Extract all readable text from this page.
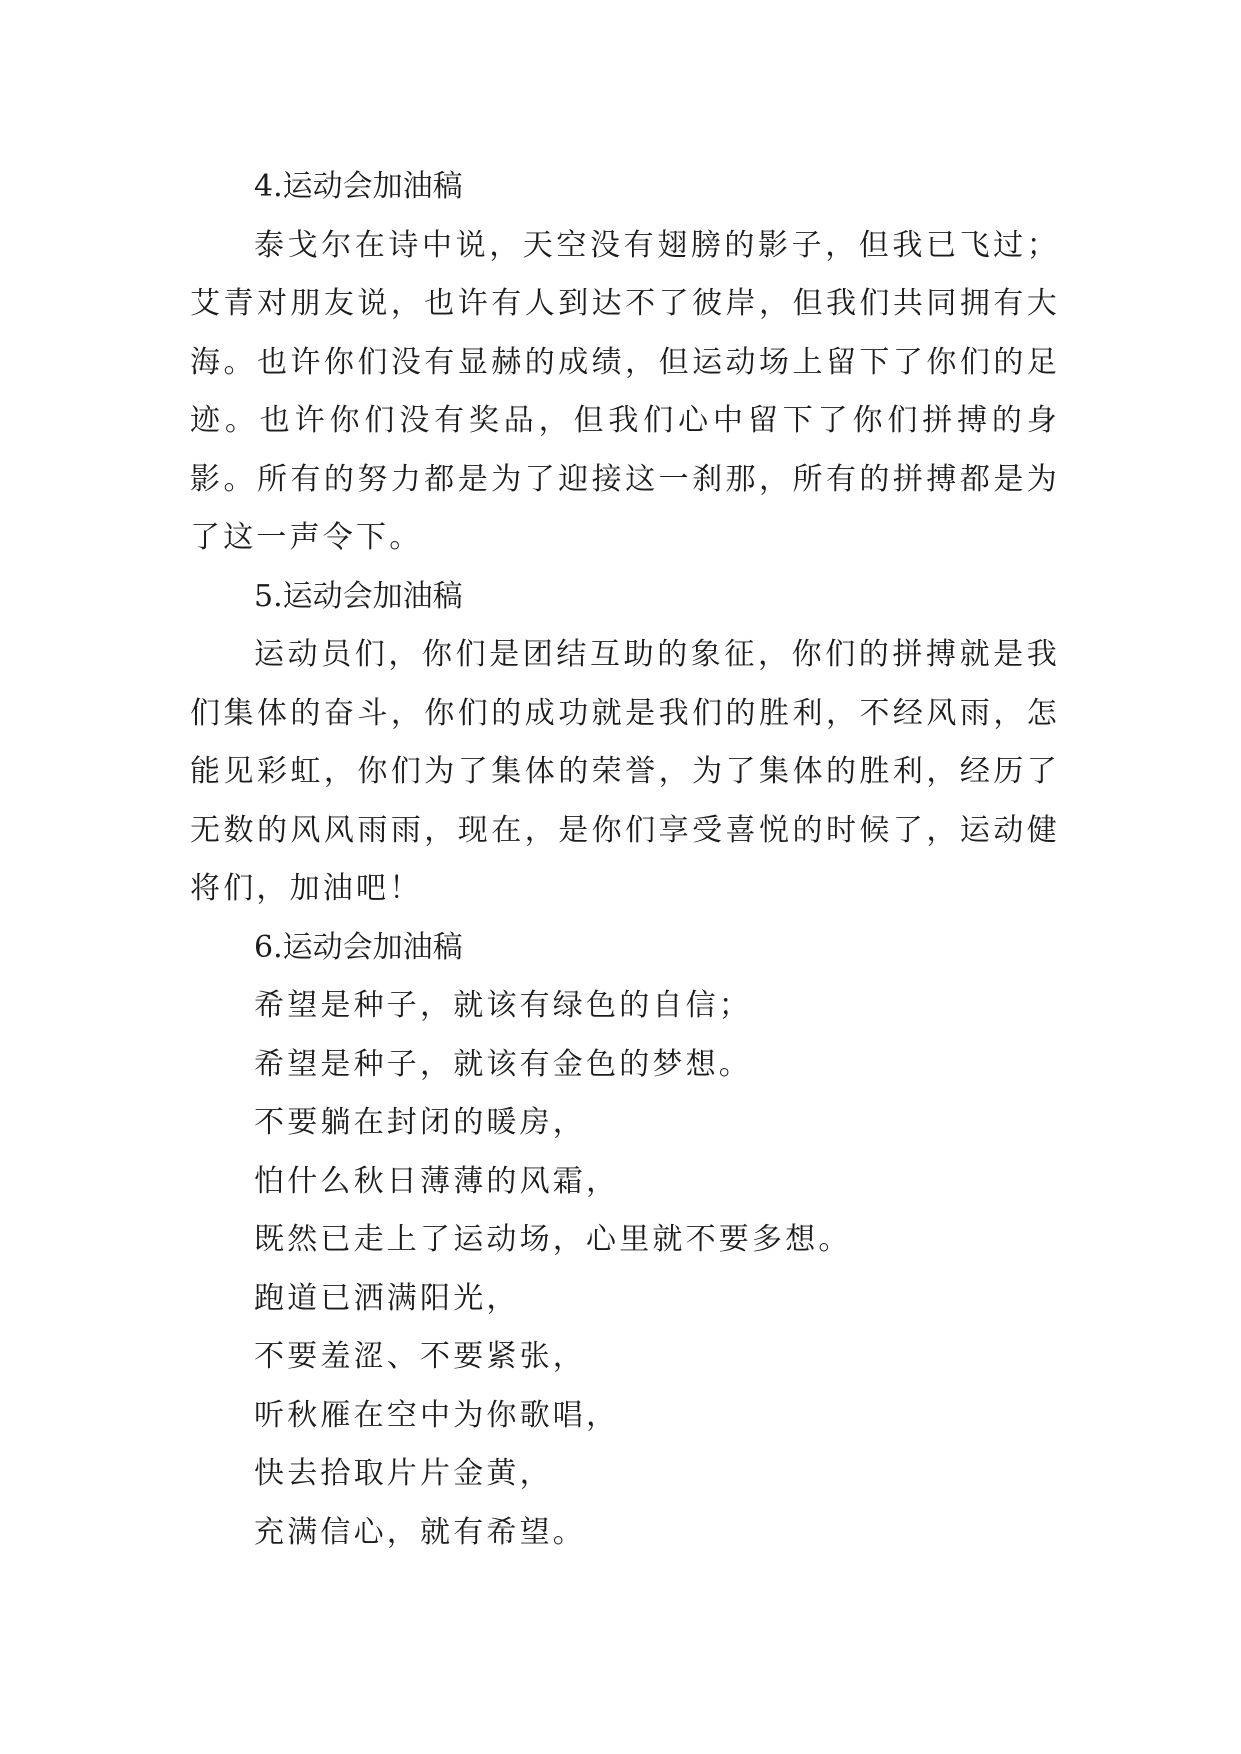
4.运动会加油稿

泰戈尔在诗中说，天空没有翅膀的影子，但我已飞过；艾青对朋友说，也许有人到达不了彼岸，但我们共同拥有大海。也许你们没有显赫的成绩，但运动场上留下了你们的足迹。也许你们没有奖品，但我们心中留下了你们拼搏的身影。所有的努力都是为了迎接这一刹那，所有的拼搏都是为了这一声令下。

5.运动会加油稿

运动员们，你们是团结互助的象征，你们的拼搏就是我们集体的奋斗，你们的成功就是我们的胜利，不经风雨，怎能见彩虹，你们为了集体的荣誉，为了集体的胜利，经历了无数的风风雨雨，现在，是你们享受喜悦的时候了，运动健将们，加油吧！

6.运动会加油稿
希望是种子，就该有绿色的自信；
希望是种子，就该有金色的梦想。
不要躺在封闭的暖房，
怕什么秋日薄薄的风霜，
既然已走上了运动场，心里就不要多想。
跑道已洒满阳光，
不要羞涩、不要紧张，
听秋雁在空中为你歌唱，
快去拾取片片金黄，
充满信心，就有希望。
